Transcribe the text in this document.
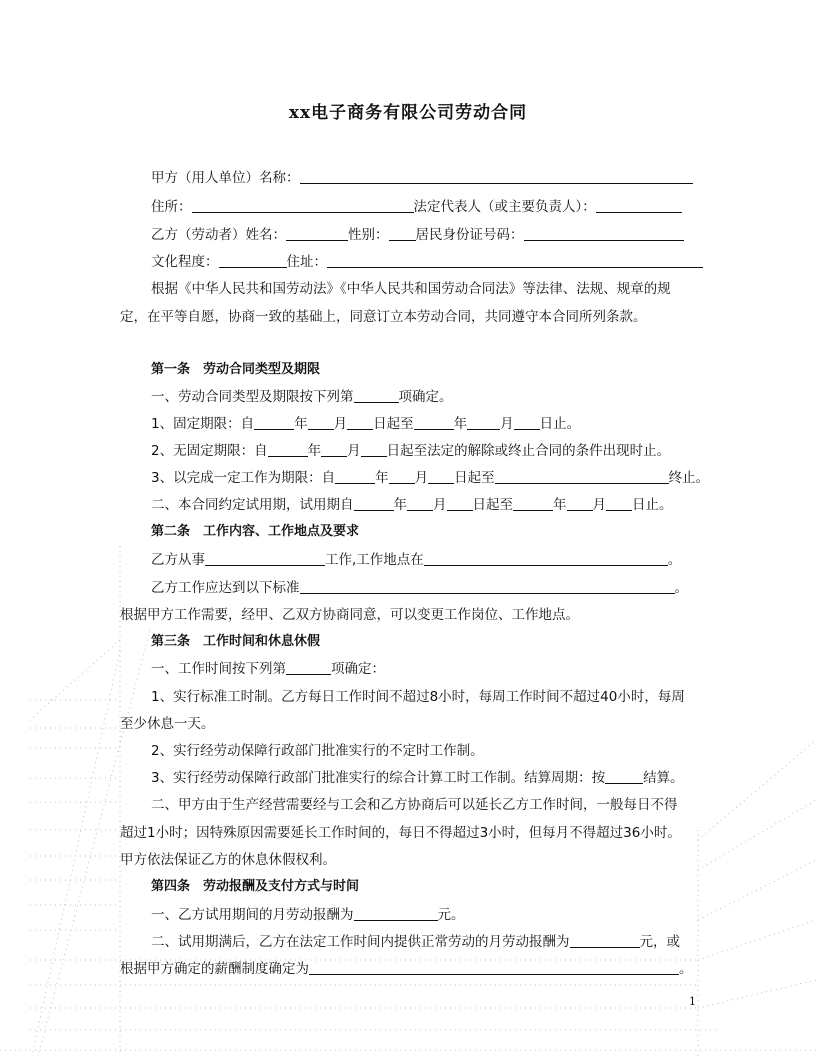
xx电子商务有限公司劳动合同
甲方（用人单位）名称：
住所：	法定代表人（或主要负责人）：
乙方（劳动者）姓名：	性别： 居民身份证号码：
文化程度：	住址：
根据《中华人民共和国劳动法》《中华人民共和国劳动合同法》等法律、法规、规章的规
定，在平等自愿，协商一致的基础上，同意订立本劳动合同，共同遵守本合同所列条款。
第一条　劳动合同类型及期限
一、劳动合同类型及期限按下列第	项确定。
1、固定期限：自	年 月 日起至	年 月 日止。
2、无固定期限：自	年 月 日起至法定的解除或终止合同的条件出现时止。
3、以完成一定工作为期限：自	年 月 日起至	终止。
二、本合同约定试用期，试用期自	年 月 日起至	年 月 日止。
第二条　工作内容、工作地点及要求
乙方从事	工作,工作地点在	。
乙方工作应达到以下标准	。
根据甲方工作需要，经甲、乙双方协商同意，可以变更工作岗位、工作地点。
第三条　工作时间和休息休假
一、工作时间按下列第	项确定：
1、实行标准工时制。乙方每日工作时间不超过8小时，每周工作时间不超过40小时，每周
至少休息一天。
2、实行经劳动保障行政部门批准实行的不定时工作制。
3、实行经劳动保障行政部门批准实行的综合计算工时工作制。结算周期：按	结算。
二、甲方由于生产经营需要经与工会和乙方协商后可以延长乙方工作时间，一般每日不得
超过1小时；因特殊原因需要延长工作时间的，每日不得超过3小时，但每月不得超过36小时。
甲方依法保证乙方的休息休假权利。
第四条　劳动报酬及支付方式与时间
一、乙方试用期间的月劳动报酬为	元。
二、试用期满后，乙方在法定工作时间内提供正常劳动的月劳动报酬为	元，或
根据甲方确定的薪酬制度确定为	。
1
